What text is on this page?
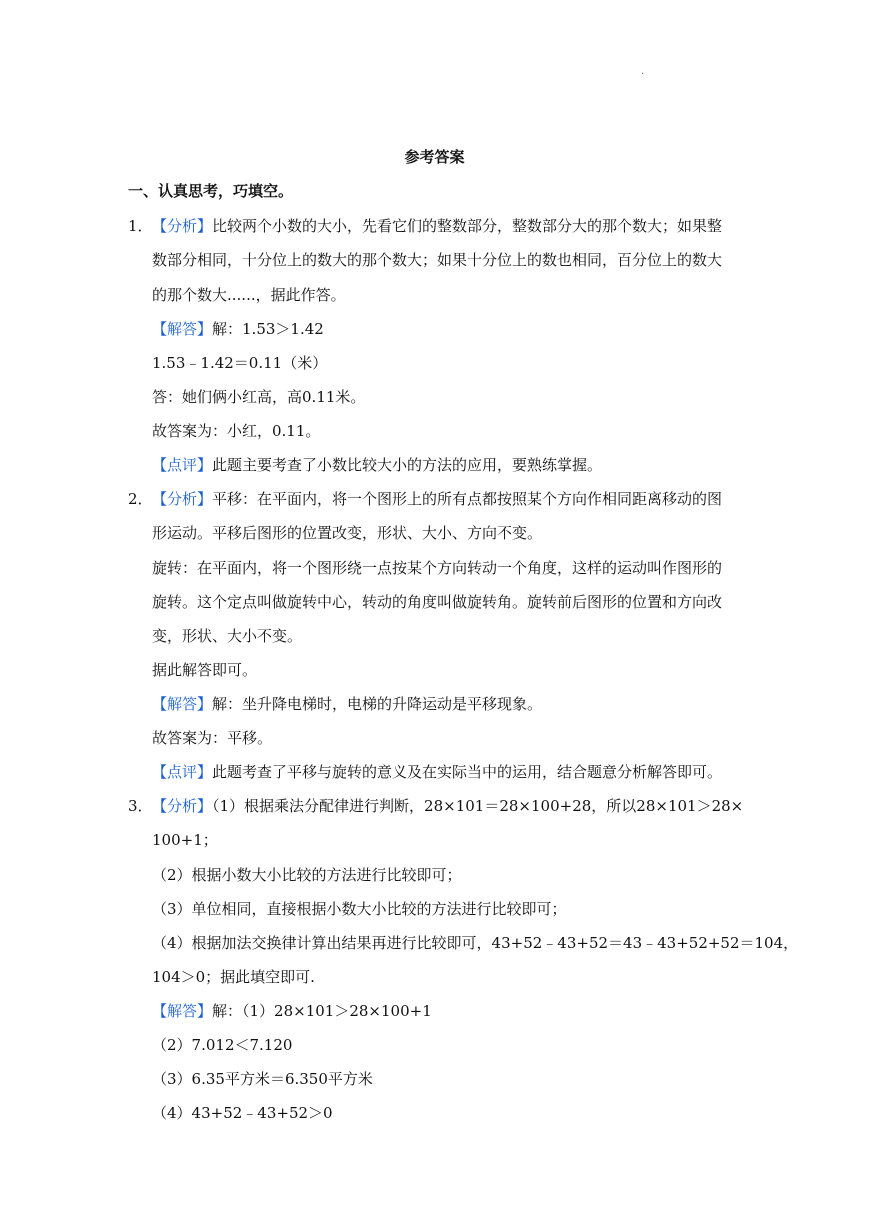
.
参考答案
一、认真思考，巧填空。
1． 【分析】比较两个小数的大小，先看它们的整数部分，整数部分大的那个数大；如果整
数部分相同，十分位上的数大的那个数大；如果十分位上的数也相同，百分位上的数大
的那个数大......，据此作答。
【解答】解：1.53＞1.42
1.53﹣1.42＝0.11（米）
答：她们俩小红高，高0.11米。
故答案为：小红，0.11。
【点评】此题主要考查了小数比较大小的方法的应用，要熟练掌握。
2． 【分析】平移：在平面内，将一个图形上的所有点都按照某个方向作相同距离移动的图
形运动。平移后图形的位置改变，形状、大小、方向不变。
旋转：在平面内，将一个图形绕一点按某个方向转动一个角度，这样的运动叫作图形的
旋转。这个定点叫做旋转中心，转动的角度叫做旋转角。旋转前后图形的位置和方向改
变，形状、大小不变。
据此解答即可。
【解答】解：坐升降电梯时，电梯的升降运动是平移现象。
故答案为：平移。
【点评】此题考查了平移与旋转的意义及在实际当中的运用，结合题意分析解答即可。
3． 【分析】（1）根据乘法分配律进行判断，28×101＝28×100+28，所以28×101＞28×
100+1；
（2）根据小数大小比较的方法进行比较即可；
（3）单位相同，直接根据小数大小比较的方法进行比较即可；
（4）根据加法交换律计算出结果再进行比较即可，43+52﹣43+52＝43﹣43+52+52＝104，
104＞0；据此填空即可.
【解答】解：（1）28×101＞28×100+1
（2）7.012＜7.120
（3）6.35平方米＝6.350平方米
（4）43+52﹣43+52＞0
